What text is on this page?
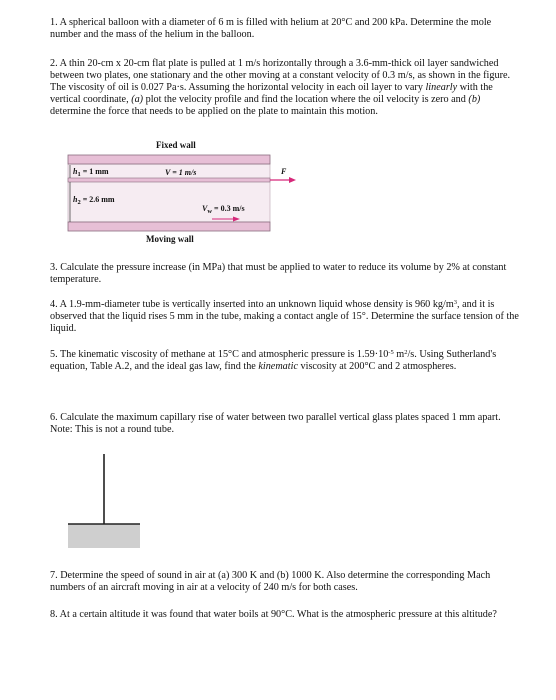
1. A spherical balloon with a diameter of 6 m is filled with helium at 20°C and 200 kPa. Determine the mole number and the mass of the helium in the balloon.

2. A thin 20-cm x 20-cm flat plate is pulled at 1 m/s horizontally through a 3.6-mm-thick oil layer sandwiched between two plates, one stationary and the other moving at a constant velocity of 0.3 m/s, as shown in the figure. The viscosity of oil is 0.027 Pa·s. Assuming the horizontal velocity in each oil layer to vary linearly with the vertical coordinate, (a) plot the velocity profile and find the location where the oil velocity is zero and (b) determine the force that needs to be applied on the plate to maintain this motion.

Fixed wall
$h_1 = 1$ mm
$h_2 = 2.6$ mm
V = 1 m/s	F
$V_w = 0.3$ m/s
Moving wall

3. Calculate the pressure increase (in MPa) that must be applied to water to reduce its volume by 2% at constant temperature.

4. A 1.9-mm-diameter tube is vertically inserted into an unknown liquid whose density is 960 $kg/m^3$, and it is observed that the liquid rises 5 mm in the tube, making a contact angle of 15°. Determine the surface tension of the liquid.

5. The kinematic viscosity of methane at 15°C and atmospheric pressure is $1.59\cdot 10^{-5}$ $m^2/s$. Using Sutherland's equation, Table A.2, and the ideal gas law, find the kinematic viscosity at 200°C and 2 atmospheres.

6. Calculate the maximum capillary rise of water between two parallel vertical glass plates spaced 1 mm apart.
Note: This is not a round tube.

7. Determine the speed of sound in air at (a) 300 K and (b) 1000 K. Also determine the corresponding Mach numbers of an aircraft moving in air at a velocity of 240 m/s for both cases.

8. At a certain altitude it was found that water boils at 90°C. What is the atmospheric pressure at this altitude?
